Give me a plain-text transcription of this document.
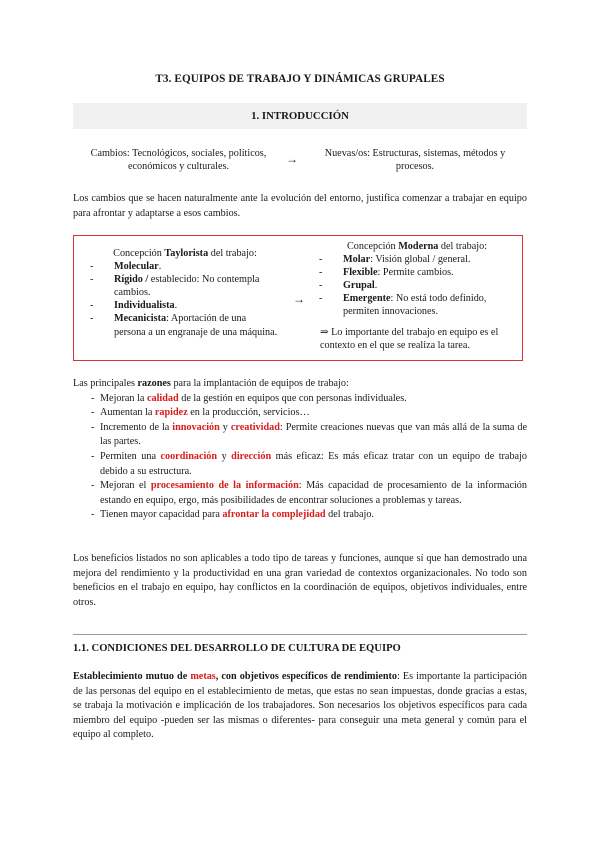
T3. EQUIPOS DE TRABAJO Y DINÁMICAS GRUPALES
1. INTRODUCCIÓN
Cambios: Tecnológicos, sociales, políticos,
económicos y culturales.
→	Nuevas/os: Estructuras, sistemas, métodos y
procesos.
Los cambios que se hacen naturalmente ante la evolución del entorno, justifica comenzar a trabajar en equipo para afrontar y adaptarse a esos cambios.
Concepción Taylorista del trabajo:
- Molecular.
- Rígido / establecido: No contempla cambios.
- Individualista.
- Mecanicista: Aportación de una persona a un engranaje de una máquina.
→
Concepción Moderna del trabajo:
- Molar: Visión global / general.
- Flexible: Permite cambios.
- Grupal.
- Emergente: No está todo definido, permiten innovaciones.
⇒ Lo importante del trabajo en equipo es el contexto en el que se realiza la tarea.
Las principales razones para la implantación de equipos de trabajo:
- Mejoran la calidad de la gestión en equipos que con personas individuales.
- Aumentan la rapidez en la producción, servicios…
- Incremento de la innovación y creatividad: Permite creaciones nuevas que van más allá de la suma de las partes.
- Permiten una coordinación y dirección más eficaz: Es más eficaz tratar con un equipo de trabajo debido a su estructura.
- Mejoran el procesamiento de la información: Más capacidad de procesamiento de la información estando en equipo, ergo, más posibilidades de encontrar soluciones a problemas y tareas.
- Tienen mayor capacidad para afrontar la complejidad del trabajo.
Los beneficios listados no son aplicables a todo tipo de tareas y funciones, aunque sí que han demostrado una mejora del rendimiento y la productividad en una gran variedad de contextos organizacionales. No todo son beneficios en el trabajo en equipo, hay conflictos en la coordinación de equipos, objetivos individuales, entre otros.
1.1. CONDICIONES DEL DESARROLLO DE CULTURA DE EQUIPO
Establecimiento mutuo de metas, con objetivos específicos de rendimiento: Es importante la participación de las personas del equipo en el establecimiento de metas, que estas no sean impuestas, donde gracias a estas, se trabaja la motivación e implicación de los trabajadores. Son necesarios los objetivos específicos para cada miembro del equipo -pueden ser las mismas o diferentes- para conseguir una meta general y común para el equipo al completo.
